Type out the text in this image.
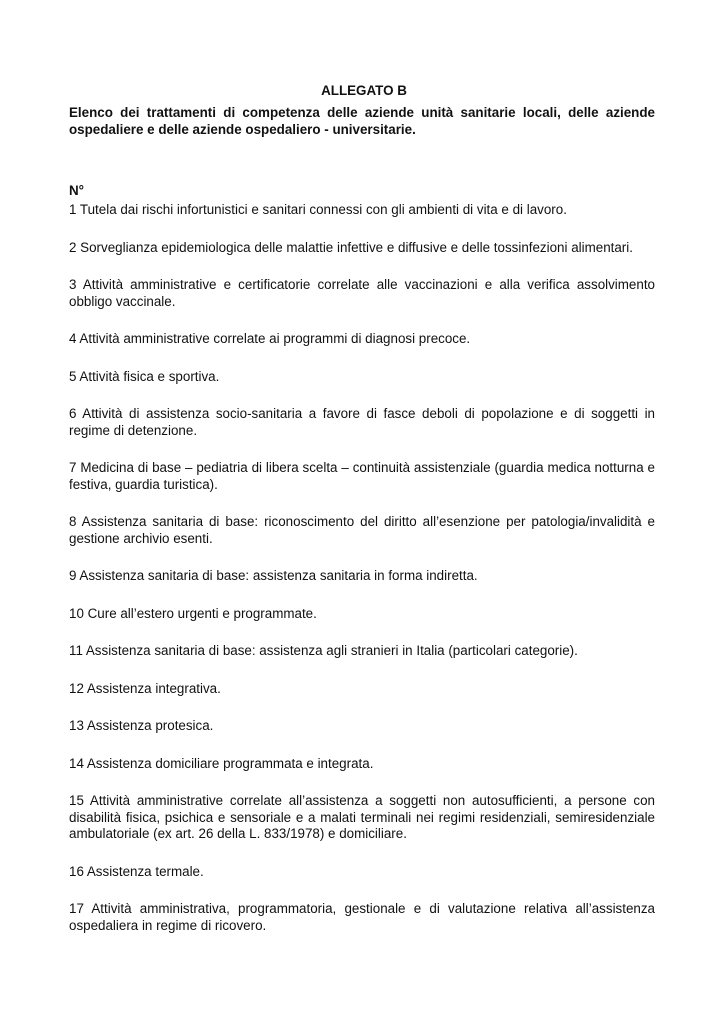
ALLEGATO B

Elenco dei trattamenti di competenza delle aziende unità sanitarie locali, delle aziende ospedaliere e delle aziende ospedaliero - universitarie.

N°

1 Tutela dai rischi infortunistici e sanitari connessi con gli ambienti di vita e di lavoro.
2 Sorveglianza epidemiologica delle malattie infettive e diffusive e delle tossinfezioni alimentari.
3 Attività amministrative e certificatorie correlate alle vaccinazioni e alla verifica assolvimento obbligo vaccinale.
4 Attività amministrative correlate ai programmi di diagnosi precoce.
5 Attività fisica e sportiva.
6 Attività di assistenza socio-sanitaria a favore di fasce deboli di popolazione e di soggetti in regime di detenzione.
7 Medicina di base – pediatria di libera scelta – continuità assistenziale (guardia medica notturna e festiva, guardia turistica).
8 Assistenza sanitaria di base: riconoscimento del diritto all’esenzione per patologia/invalidità e gestione archivio esenti.
9 Assistenza sanitaria di base: assistenza sanitaria in forma indiretta.
10 Cure all’estero urgenti e programmate.
11 Assistenza sanitaria di base: assistenza agli stranieri in Italia (particolari categorie).
12 Assistenza integrativa.
13 Assistenza protesica.
14 Assistenza domiciliare programmata e integrata.
15 Attività amministrative correlate all’assistenza a soggetti non autosufficienti, a persone con disabilità fisica, psichica e sensoriale e a malati terminali nei regimi residenziali, semiresidenziale ambulatoriale (ex art. 26 della L. 833/1978) e domiciliare.
16 Assistenza termale.
17 Attività amministrativa, programmatoria, gestionale e di valutazione relativa all’assistenza ospedaliera in regime di ricovero.
